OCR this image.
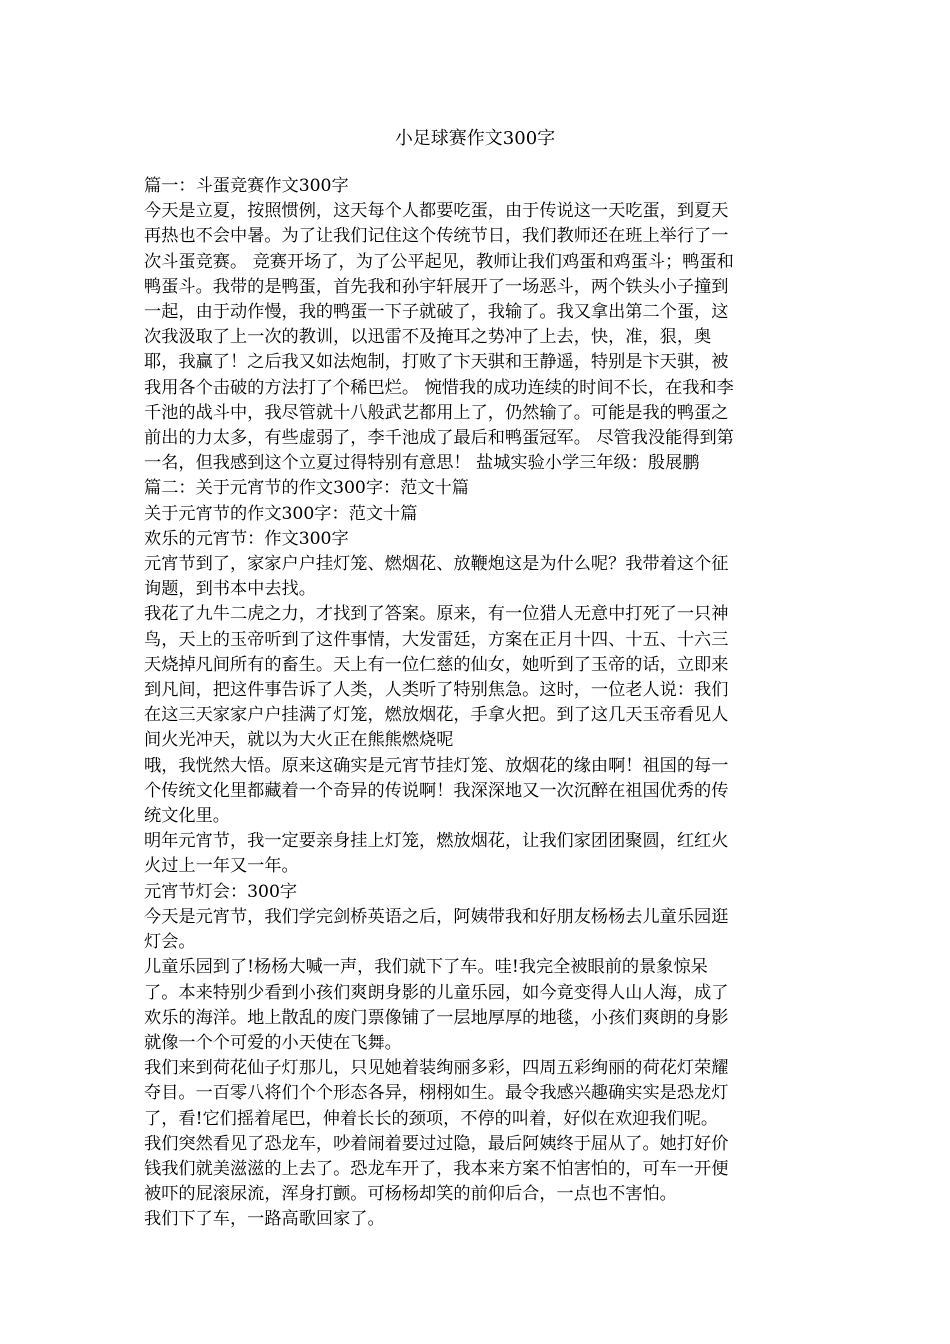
小足球赛作文300字

篇一：斗蛋竞赛作文300字

今天是立夏，按照惯例，这天每个人都要吃蛋，由于传说这一天吃蛋，到夏天

再热也不会中暑。为了让我们记住这个传统节日，我们教师还在班上举行了一

次斗蛋竞赛。 竞赛开场了，为了公平起见，教师让我们鸡蛋和鸡蛋斗；鸭蛋和

鸭蛋斗。我带的是鸭蛋，首先我和孙宇轩展开了一场恶斗，两个铁头小子撞到

一起，由于动作慢，我的鸭蛋一下子就破了，我输了。我又拿出第二个蛋，这

次我汲取了上一次的教训，以迅雷不及掩耳之势冲了上去，快，准，狠，奥

耶，我赢了！之后我又如法炮制，打败了卞天骐和王静遥，特别是卞天骐，被

我用各个击破的方法打了个稀巴烂。 惋惜我的成功连续的时间不长，在我和李

千池的战斗中，我尽管就十八般武艺都用上了，仍然输了。可能是我的鸭蛋之

前出的力太多，有些虚弱了，李千池成了最后和鸭蛋冠军。 尽管我没能得到第

一名，但我感到这个立夏过得特别有意思！ 盐城实验小学三年级：殷展鹏

篇二：关于元宵节的作文300字：范文十篇

关于元宵节的作文300字：范文十篇

欢乐的元宵节：作文300字

元宵节到了，家家户户挂灯笼、燃烟花、放鞭炮这是为什么呢？我带着这个征

询题，到书本中去找。

我花了九牛二虎之力，才找到了答案。原来，有一位猎人无意中打死了一只神

鸟，天上的玉帝听到了这件事情，大发雷廷，方案在正月十四、十五、十六三

天烧掉凡间所有的畜生。天上有一位仁慈的仙女，她听到了玉帝的话，立即来

到凡间，把这件事告诉了人类，人类听了特别焦急。这时，一位老人说：我们

在这三天家家户户挂满了灯笼，燃放烟花，手拿火把。到了这几天玉帝看见人

间火光冲天，就以为大火正在熊熊燃烧呢

哦，我恍然大悟。原来这确实是元宵节挂灯笼、放烟花的缘由啊！祖国的每一

个传统文化里都藏着一个奇异的传说啊！我深深地又一次沉醉在祖国优秀的传

统文化里。

明年元宵节，我一定要亲身挂上灯笼，燃放烟花，让我们家团团聚圆，红红火

火过上一年又一年。

元宵节灯会：300字

今天是元宵节，我们学完剑桥英语之后，阿姨带我和好朋友杨杨去儿童乐园逛

灯会。

儿童乐园到了!杨杨大喊一声，我们就下了车。哇!我完全被眼前的景象惊呆

了。本来特别少看到小孩们爽朗身影的儿童乐园，如今竟变得人山人海，成了

欢乐的海洋。地上散乱的废门票像铺了一层地厚厚的地毯，小孩们爽朗的身影

就像一个个可爱的小天使在飞舞。

我们来到荷花仙子灯那儿，只见她着装绚丽多彩，四周五彩绚丽的荷花灯荣耀

夺目。一百零八将们个个形态各异，栩栩如生。最令我感兴趣确实实是恐龙灯

了，看!它们摇着尾巴，伸着长长的颈项，不停的叫着，好似在欢迎我们呢。

我们突然看见了恐龙车，吵着闹着要过过隐，最后阿姨终于屈从了。她打好价

钱我们就美滋滋的上去了。恐龙车开了，我本来方案不怕害怕的，可车一开便

被吓的屁滚尿流，浑身打颤。可杨杨却笑的前仰后合，一点也不害怕。

我们下了车，一路高歌回家了。
